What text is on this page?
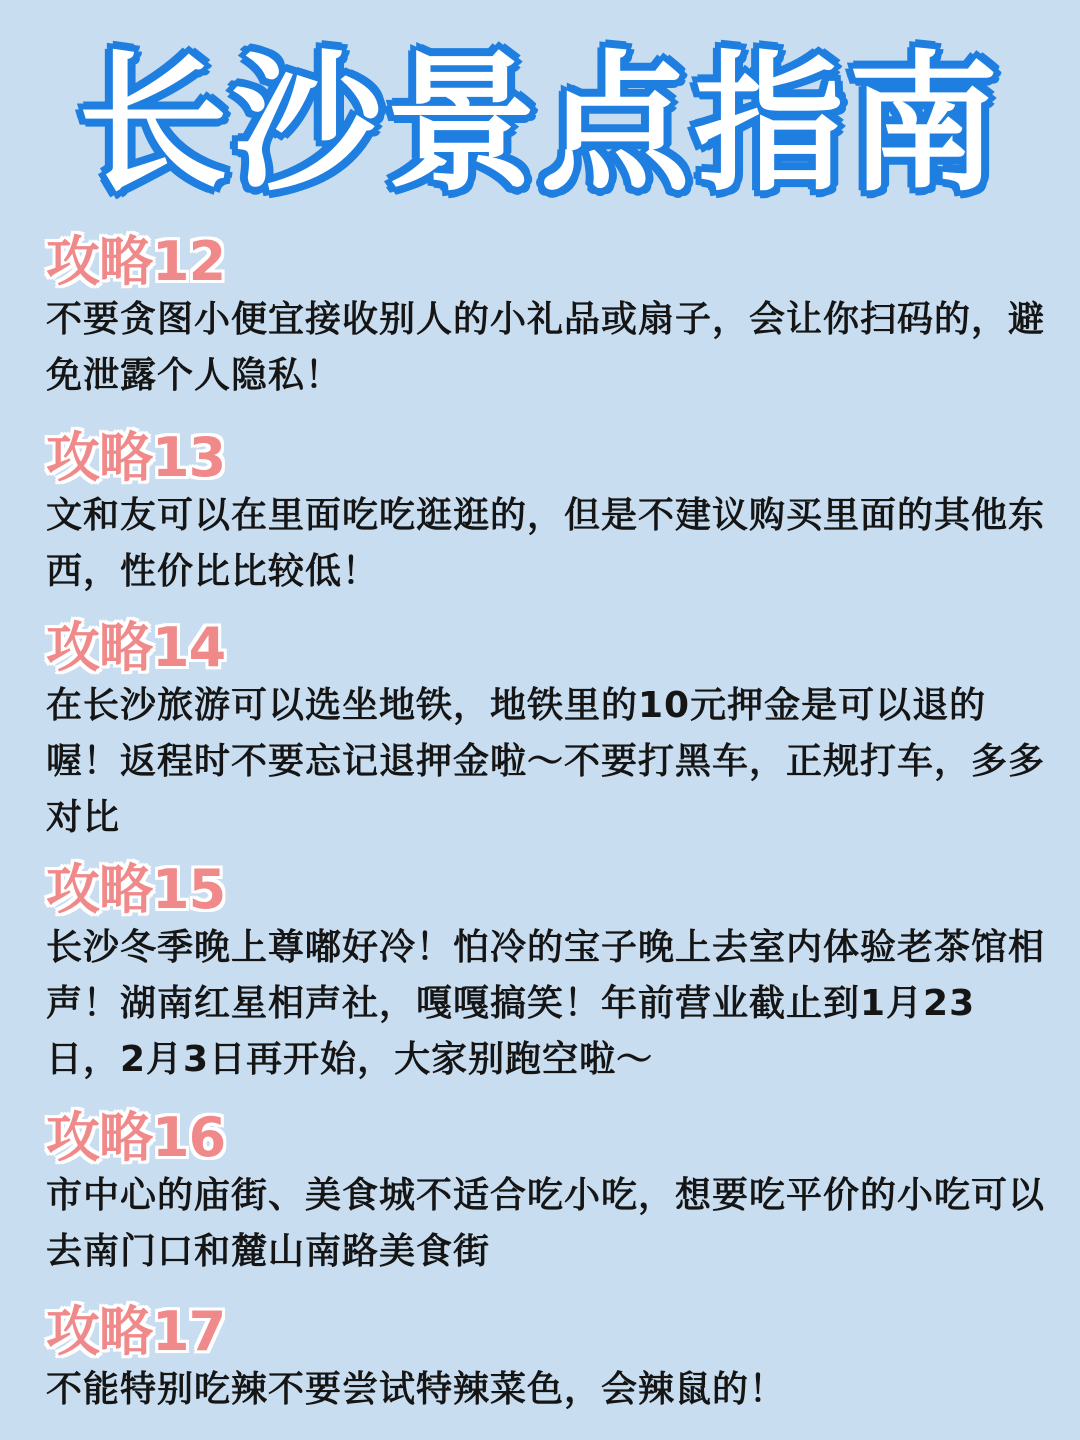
长沙景点指南
攻略12
不要贪图小便宜接收别人的小礼品或扇子，会让你扫码的，避免泄露个人隐私！
攻略13
文和友可以在里面吃吃逛逛的，但是不建议购买里面的其他东西，性价比比较低！
攻略14
在长沙旅游可以选坐地铁，地铁里的10元押金是可以退的喔！返程时不要忘记退押金啦～不要打黑车，正规打车，多多对比
攻略15
长沙冬季晚上尊嘟好冷！怕冷的宝子晚上去室内体验老茶馆相声！湖南红星相声社，嘎嘎搞笑！年前营业截止到1月23日，2月3日再开始，大家别跑空啦～
攻略16
市中心的庙街、美食城不适合吃小吃，想要吃平价的小吃可以去南门口和麓山南路美食街
攻略17
不能特别吃辣不要尝试特辣菜色，会辣鼠的！
